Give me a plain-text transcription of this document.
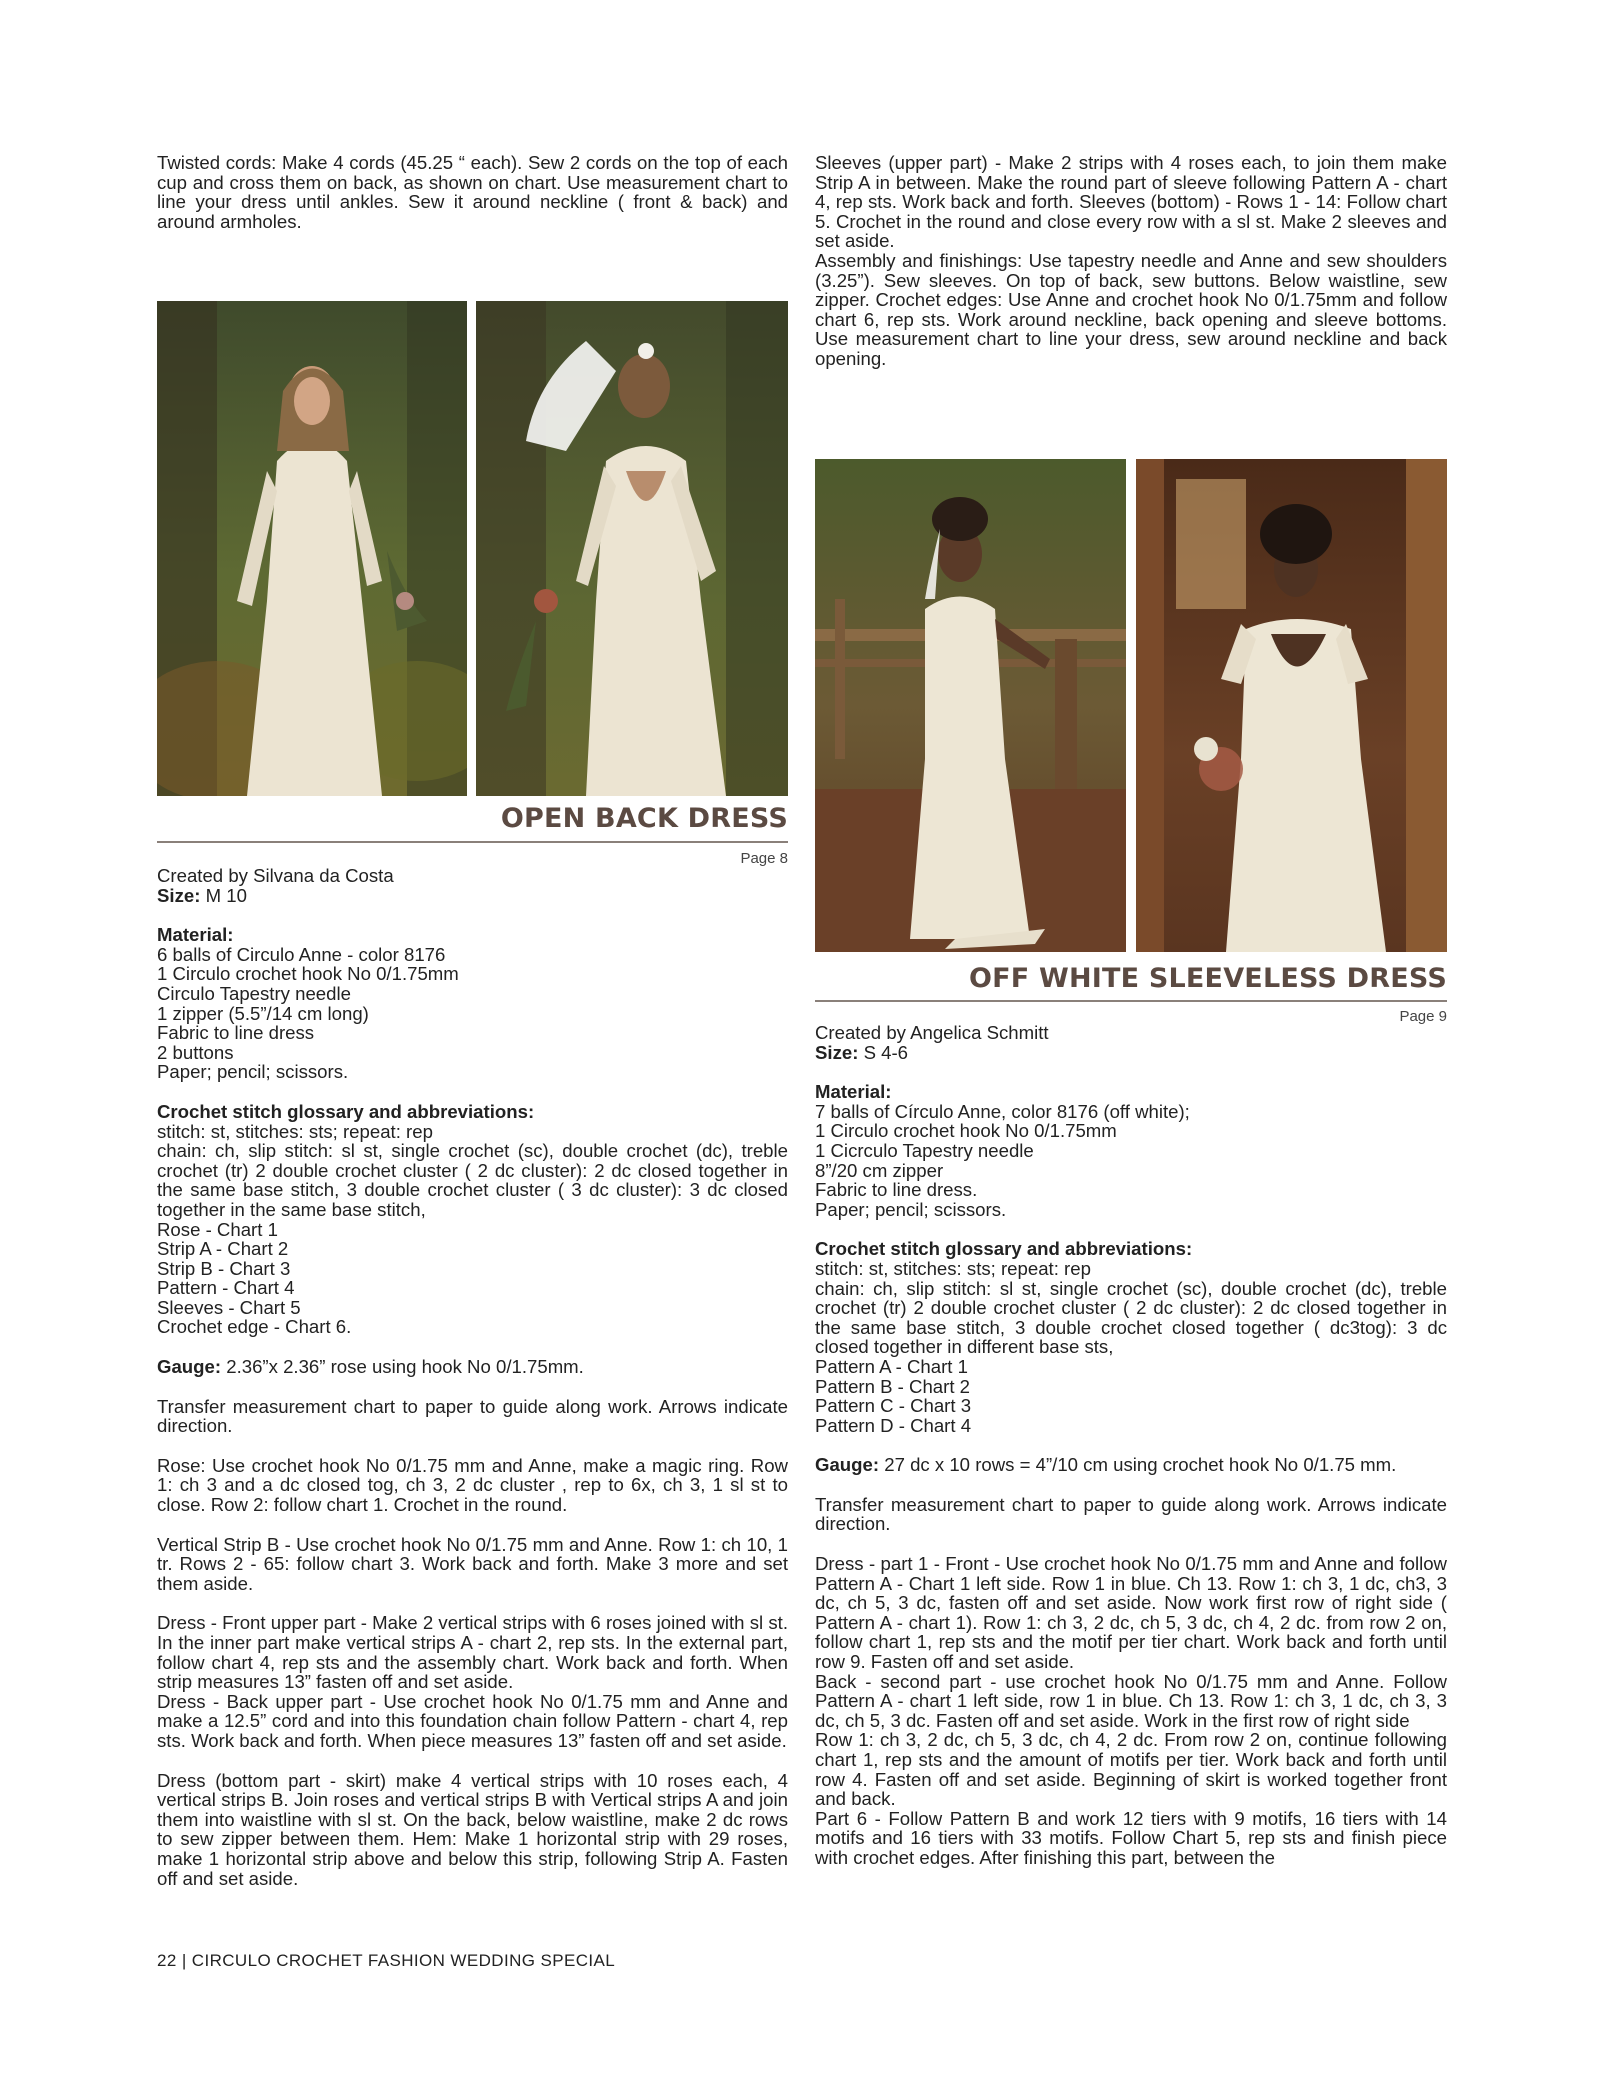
Twisted cords: Make 4 cords (45.25 “ each). Sew 2 cords on the top of each cup and cross them on back, as shown on chart. Use measurement chart to line your dress until ankles. Sew it around neckline ( front & back) and around armholes.

Sleeves (upper part) - Make 2 strips with 4 roses each, to join them make Strip A in between. Make the round part of sleeve following Pattern A - chart 4, rep sts. Work back and forth. Sleeves (bottom) - Rows 1 - 14: Follow chart 5. Crochet in the round and close every row with a sl st. Make 2 sleeves and set aside.
Assembly and finishings: Use tapestry needle and Anne and sew shoulders (3.25”). Sew sleeves. On top of back, sew buttons. Below waistline, sew zipper. Crochet edges: Use Anne and crochet hook No 0/1.75mm and follow chart 6, rep sts. Work around neckline, back opening and sleeve bottoms. Use measurement chart to line your dress, sew around neckline and back opening.

OPEN BACK DRESS
Page 8

Created by Silvana da Costa

Size: M 10

Material:

6 balls of Circulo Anne - color 8176
1 Circulo crochet hook No 0/1.75mm
Circulo Tapestry needle
1 zipper (5.5”/14 cm long)
Fabric to line dress
2 buttons
Paper; pencil; scissors.

Crochet stitch glossary and abbreviations:

stitch: st, stitches: sts; repeat: rep
chain: ch, slip stitch: sl st, single crochet (sc), double crochet (dc), treble crochet (tr) 2 double crochet cluster ( 2 dc cluster): 2 dc closed together in the same base stitch, 3 double crochet cluster ( 3 dc cluster): 3 dc closed together in the same base stitch,
Rose - Chart 1
Strip A - Chart 2
Strip B - Chart 3
Pattern - Chart 4
Sleeves - Chart 5
Crochet edge - Chart 6.

Gauge: 2.36”x 2.36” rose using hook No 0/1.75mm.

Transfer measurement chart to paper to guide along work. Arrows indicate direction.

Rose: Use crochet hook No 0/1.75 mm and Anne, make a magic ring. Row 1: ch 3 and a dc closed tog, ch 3, 2 dc cluster , rep to 6x, ch 3, 1 sl st to close. Row 2: follow chart 1. Crochet in the round.

Vertical Strip B - Use crochet hook No 0/1.75 mm and Anne. Row 1: ch 10, 1 tr. Rows 2 - 65: follow chart 3. Work back and forth. Make 3 more and set them aside.

Dress - Front upper part - Make 2 vertical strips with 6 roses joined with sl st. In the inner part make vertical strips A - chart 2, rep sts. In the external part, follow chart 4, rep sts and the assembly chart. Work back and forth. When strip measures 13” fasten off and set aside.
Dress - Back upper part - Use crochet hook No 0/1.75 mm and Anne and make a 12.5” cord and into this foundation chain follow Pattern - chart 4, rep sts. Work back and forth. When piece measures 13” fasten off and set aside.

Dress (bottom part - skirt) make 4 vertical strips with 10 roses each, 4 vertical strips B. Join roses and vertical strips B with Vertical strips A and join them into waistline with sl st. On the back, below waistline, make 2 dc rows to sew zipper between them. Hem: Make 1 horizontal strip with 29 roses, make 1 horizontal strip above and below this strip, following Strip A. Fasten off and set aside.

OFF WHITE SLEEVELESS DRESS
Page 9

Created by Angelica Schmitt

Size: S 4-6

Material:

7 balls of Círculo Anne, color 8176 (off white);
1 Circulo crochet hook No 0/1.75mm
1 Cicrculo Tapestry needle
8”/20 cm zipper
Fabric to line dress.
Paper; pencil; scissors.

Crochet stitch glossary and abbreviations:

stitch: st, stitches: sts; repeat: rep
chain: ch, slip stitch: sl st, single crochet (sc), double crochet (dc), treble crochet (tr) 2 double crochet cluster ( 2 dc cluster): 2 dc closed together in the same base stitch, 3 double crochet closed together ( dc3tog): 3 dc closed together in different base sts,
Pattern A - Chart 1
Pattern B - Chart 2
Pattern C - Chart 3
Pattern D - Chart 4

Gauge: 27 dc x 10 rows = 4”/10 cm using crochet hook No 0/1.75 mm.

Transfer measurement chart to paper to guide along work. Arrows indicate direction.

Dress - part 1 - Front - Use crochet hook No 0/1.75 mm and Anne and follow Pattern A - Chart 1 left side. Row 1 in blue. Ch 13. Row 1: ch 3, 1 dc, ch3, 3 dc, ch 5, 3 dc, fasten off and set aside. Now work first row of right side ( Pattern A - chart 1). Row 1: ch 3, 2 dc, ch 5, 3 dc, ch 4, 2 dc. from row 2 on, follow chart 1, rep sts and the motif per tier chart. Work back and forth until row 9. Fasten off and set aside.
Back - second part - use crochet hook No 0/1.75 mm and Anne. Follow Pattern A - chart 1 left side, row 1 in blue. Ch 13. Row 1: ch 3, 1 dc, ch 3, 3 dc, ch 5, 3 dc. Fasten off and set aside. Work in the first row of right side
Row 1: ch 3, 2 dc, ch 5, 3 dc, ch 4, 2 dc. From row 2 on, continue following chart 1, rep sts and the amount of motifs per tier. Work back and forth until row 4. Fasten off and set aside. Beginning of skirt is worked together front and back.
Part 6 - Follow Pattern B and work 12 tiers with 9 motifs, 16 tiers with 14 motifs and 16 tiers with 33 motifs. Follow Chart 5, rep sts and finish piece with crochet edges. After finishing this part, between the

22 | CIRCULO CROCHET FASHION WEDDING SPECIAL
